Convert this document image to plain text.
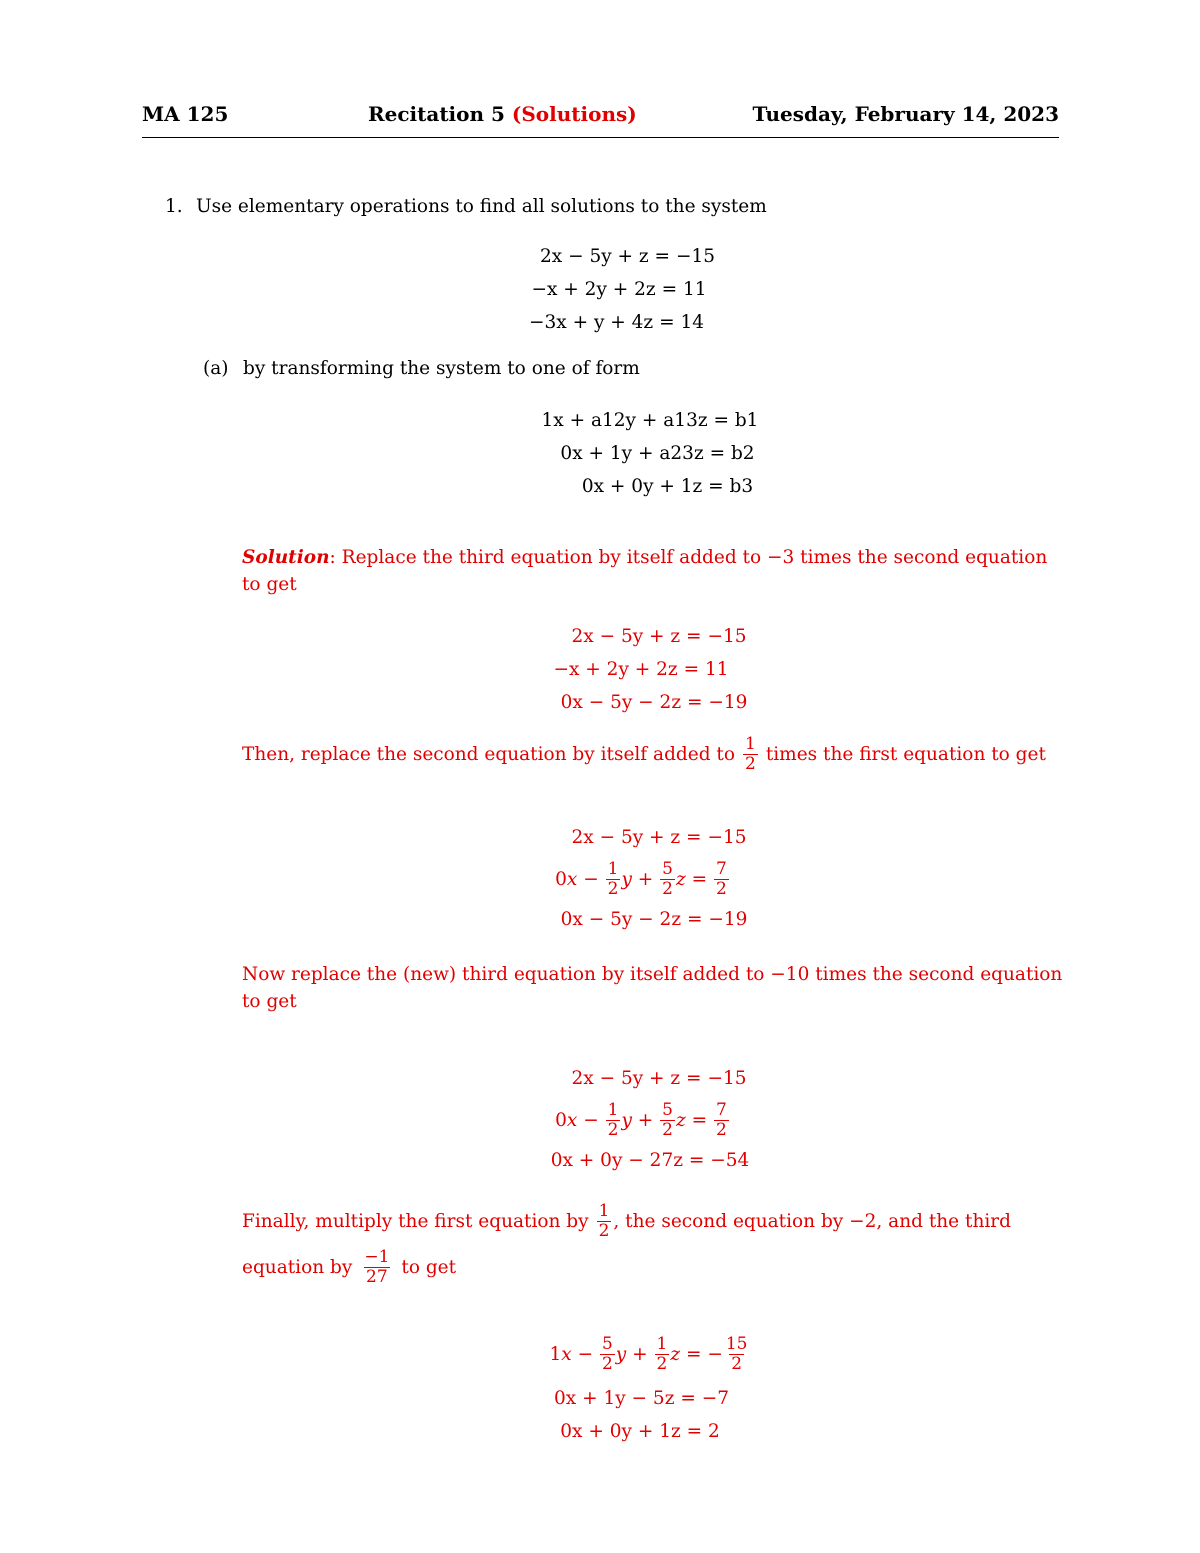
MA 125	Recitation 5 (Solutions)	Tuesday, February 14, 2023
1. Use elementary operations to find all solutions to the system
2x − 5y + z = −15
−x + 2y + 2z = 11
−3x + y + 4z = 14
(a) by transforming the system to one of form
1x + a12y + a13z = b1
0x + 1y + a23z = b2
0x + 0y + 1z = b3
Solution: Replace the third equation by itself added to −3 times the second equation
to get
2x − 5y + z = −15
−x + 2y + 2z = 11
0x − 5y − 2z = −19
Then, replace the second equation by itself added to $\frac{1}{2}$ times the first equation to get
2x − 5y + z = −15
$0x - \frac{1}{2}$ $y + \frac{5}{2}$ $z = \frac{7}{2}$
0x − 5y − 2z = −19
Now replace the (new) third equation by itself added to −10 times the second equation
to get
2x − 5y + z = −15
$0x - \frac{1}{2}$ $y + \frac{5}{2}$ $z = \frac{7}{2}$
0x + 0y − 27z = −54
Finally, multiply the first equation by $\frac{1}{2}$ , the second equation by −2, and the third
equation by $\frac{-1}{27}$ to get
$1x - \frac{5}{2}$ $y + \frac{1}{2}$ z = − $\frac{15}{2}$
0x + 1y − 5z = −7
0x + 0y + 1z = 2
